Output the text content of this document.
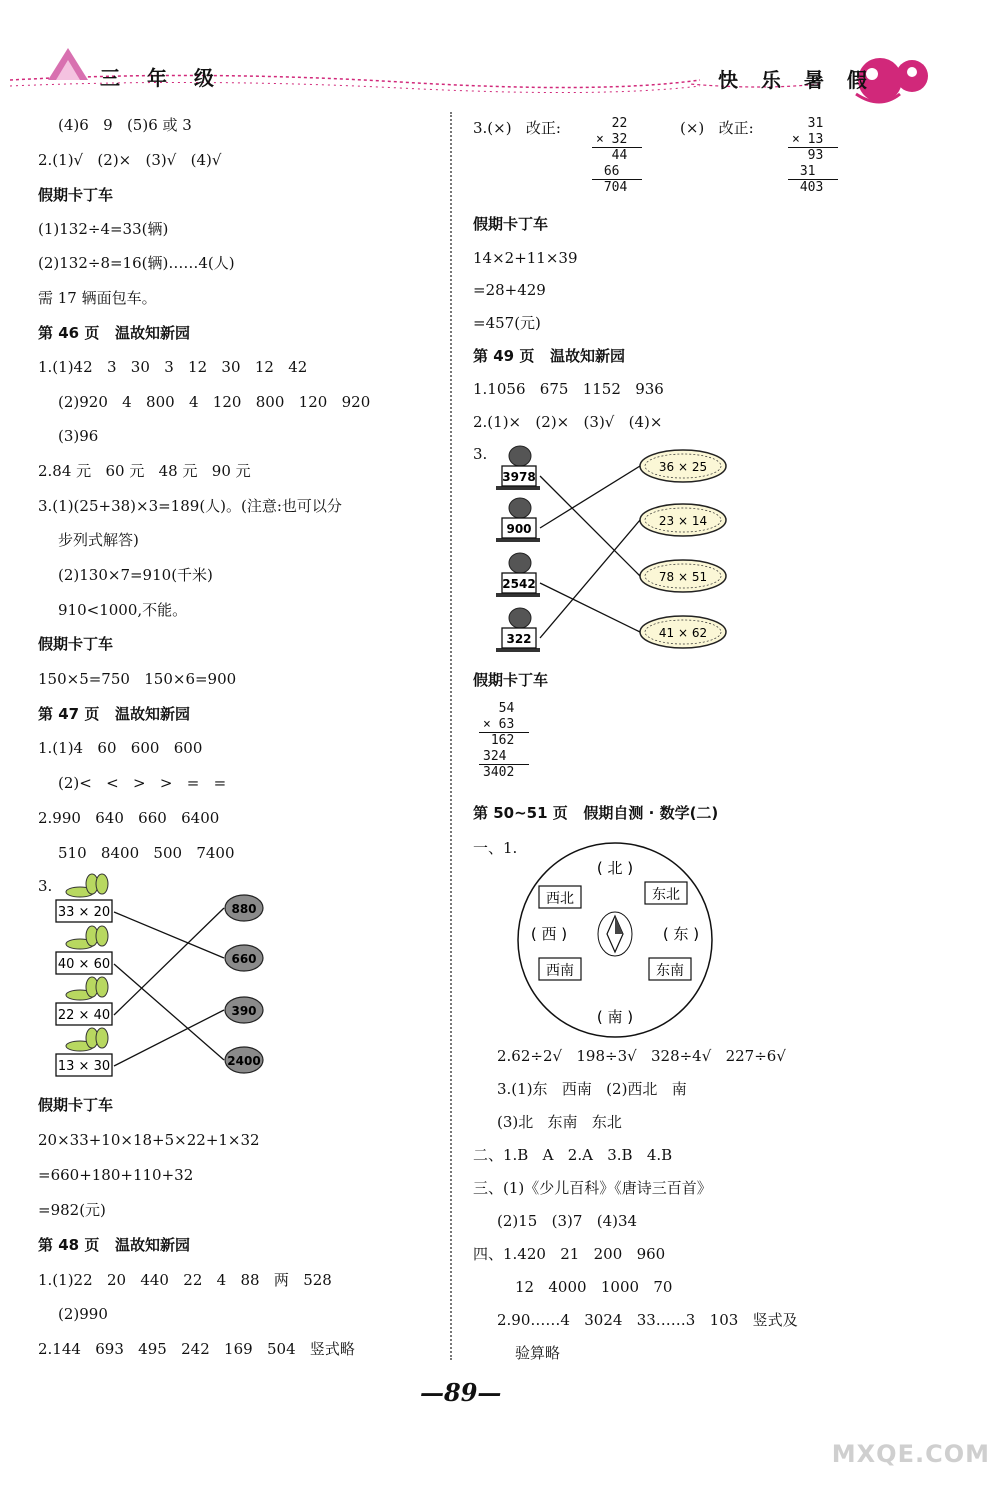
三 年 级	快 乐 暑 假
(4)6   9   (5)6 或 3
2.(1)√   (2)×   (3)√   (4)√
假期卡丁车
(1)132÷4=33(辆)
(2)132÷8=16(辆)……4(人)
需 17 辆面包车。
第 46 页   温故知新园
1.(1)42   3   30   3   12   30   12   42
(2)920   4   800   4   120   800   120   920
(3)96
2.84 元   60 元   48 元   90 元
3.(1)(25+38)×3=189(人)。(注意:也可以分
步列式解答)
(2)130×7=910(千米)
910<1000,不能。
假期卡丁车
150×5=750   150×6=900
第 47 页   温故知新园
1.(1)4   60   600   600
(2)<   <   >   >   =   =
2.990   640   660   6400
510   8400   500   7400
3.
假期卡丁车
20×33+10×18+5×22+1×32
=660+180+110+32
=982(元)
第 48 页   温故知新园
1.(1)22   20   440   22   4   88   两   528
(2)990
2.144   693   495   242   169   504   竖式略
3.(×)   改正:	(×)   改正:
假期卡丁车
14×2+11×39
=28+429
=457(元)
第 49 页   温故知新园
1.1056   675   1152   936
2.(1)×   (2)×   (3)√   (4)×
3.
假期卡丁车
第 50~51 页   假期自测 · 数学(二)
一、1.
2.62÷2√   198÷3√   328÷4√   227÷6√
3.(1)东   西南   (2)西北   南
(3)北   东南   东北
二、1.B   A   2.A   3.B   4.B
三、(1)《少儿百科》《唐诗三百首》
(2)15   (3)7   (4)34
四、1.420   21   200   960
12   4000   1000   70
2.90……4   3024   33……3   103   竖式及
验算略
22
× 32
44
66
704
31
× 13
93
31
403
54
× 63
162
324
3402
33 × 20
40 × 60
22 × 40
13 × 30
880
660
390
2400
3978
900
2542
322
36 × 25
23 × 14
78 × 51
41 × 62
( 北 )
( 南 )
( 西 )	( 东 )
西北	东北
西南	东南
—89—
MXQE.COM
